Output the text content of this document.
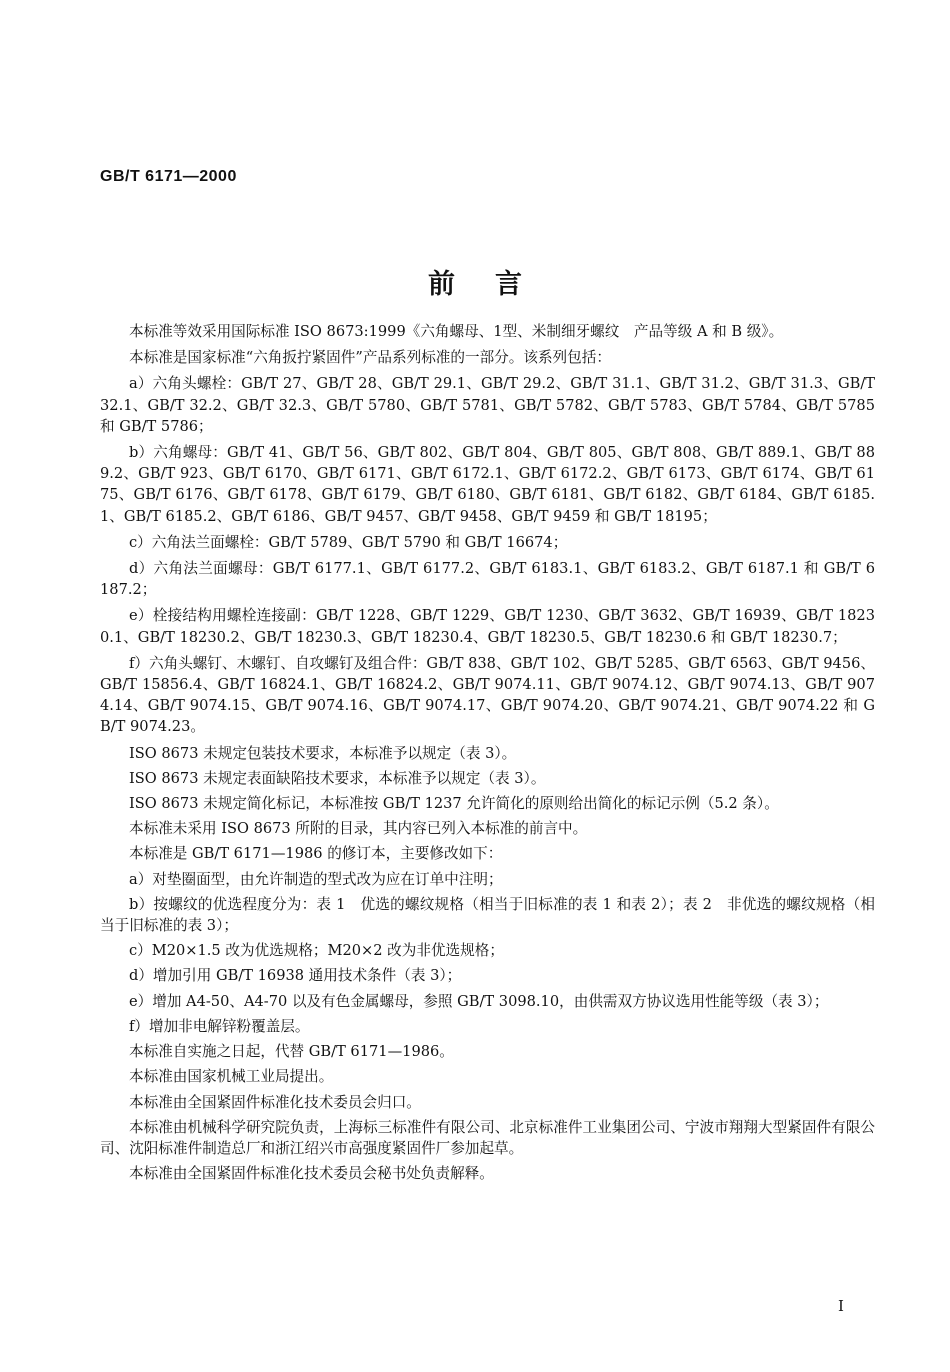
GB/T 6171—2000
前言

本标准等效采用国际标准 ISO 8673:1999《六角螺母、1型、米制细牙螺纹　产品等级 A 和 B 级》。

本标准是国家标准“六角扳拧紧固件”产品系列标准的一部分。该系列包括：

a）六角头螺栓：GB/T 27、GB/T 28、GB/T 29.1、GB/T 29.2、GB/T 31.1、GB/T 31.2、GB/T 31.3、GB/T 32.1、GB/T 32.2、GB/T 32.3、GB/T 5780、GB/T 5781、GB/T 5782、GB/T 5783、GB/T 5784、GB/T 5785 和 GB/T 5786；

b）六角螺母：GB/T 41、GB/T 56、GB/T 802、GB/T 804、GB/T 805、GB/T 808、GB/T 889.1、GB/T 889.2、GB/T 923、GB/T 6170、GB/T 6171、GB/T 6172.1、GB/T 6172.2、GB/T 6173、GB/T 6174、GB/T 6175、GB/T 6176、GB/T 6178、GB/T 6179、GB/T 6180、GB/T 6181、GB/T 6182、GB/T 6184、GB/T 6185.1、GB/T 6185.2、GB/T 6186、GB/T 9457、GB/T 9458、GB/T 9459 和 GB/T 18195；

c）六角法兰面螺栓：GB/T 5789、GB/T 5790 和 GB/T 16674；

d）六角法兰面螺母：GB/T 6177.1、GB/T 6177.2、GB/T 6183.1、GB/T 6183.2、GB/T 6187.1 和 GB/T 6187.2；

e）栓接结构用螺栓连接副：GB/T 1228、GB/T 1229、GB/T 1230、GB/T 3632、GB/T 16939、GB/T 18230.1、GB/T 18230.2、GB/T 18230.3、GB/T 18230.4、GB/T 18230.5、GB/T 18230.6 和 GB/T 18230.7；

f）六角头螺钉、木螺钉、自攻螺钉及组合件：GB/T 838、GB/T 102、GB/T 5285、GB/T 6563、GB/T 9456、GB/T 15856.4、GB/T 16824.1、GB/T 16824.2、GB/T 9074.11、GB/T 9074.12、GB/T 9074.13、GB/T 9074.14、GB/T 9074.15、GB/T 9074.16、GB/T 9074.17、GB/T 9074.20、GB/T 9074.21、GB/T 9074.22 和 GB/T 9074.23。

ISO 8673 未规定包装技术要求，本标准予以规定（表 3）。

ISO 8673 未规定表面缺陷技术要求，本标准予以规定（表 3）。

ISO 8673 未规定简化标记，本标准按 GB/T 1237 允许简化的原则给出简化的标记示例（5.2 条）。

本标准未采用 ISO 8673 所附的目录，其内容已列入本标准的前言中。

本标准是 GB/T 6171—1986 的修订本，主要修改如下：

a）对垫圈面型，由允许制造的型式改为应在订单中注明；

b）按螺纹的优选程度分为：表 1　优选的螺纹规格（相当于旧标准的表 1 和表 2）；表 2　非优选的螺纹规格（相当于旧标准的表 3）；

c）M20×1.5 改为优选规格；M20×2 改为非优选规格；

d）增加引用 GB/T 16938 通用技术条件（表 3）；

e）增加 A4-50、A4-70 以及有色金属螺母，参照 GB/T 3098.10，由供需双方协议选用性能等级（表 3）；

f）增加非电解锌粉覆盖层。

本标准自实施之日起，代替 GB/T 6171—1986。

本标准由国家机械工业局提出。

本标准由全国紧固件标准化技术委员会归口。

本标准由机械科学研究院负责，上海标三标准件有限公司、北京标准件工业集团公司、宁波市翔翔大型紧固件有限公司、沈阳标准件制造总厂和浙江绍兴市高强度紧固件厂参加起草。

本标准由全国紧固件标准化技术委员会秘书处负责解释。

I
